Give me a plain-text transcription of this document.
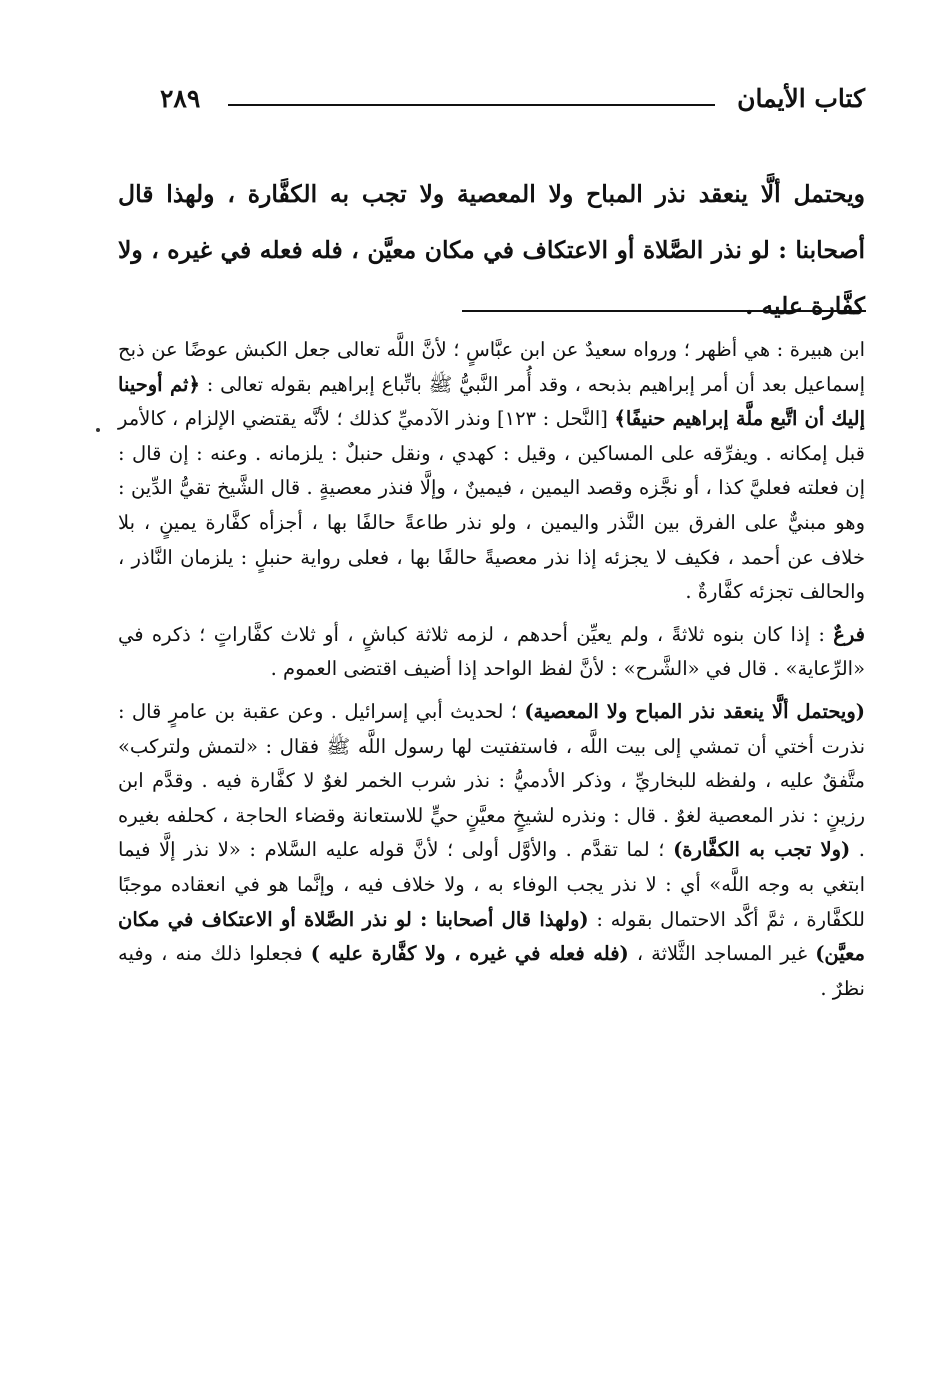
كتاب الأيمان
٢٨٩
ويحتمل ألَّا ينعقد نذر المباح ولا المعصية ولا تجب به الكفَّارة ، ولهذا قال أصحابنا : لو نذر الصَّلاة أو الاعتكاف في مكان معيَّن ، فله فعله في غيره ، ولا كفَّارة عليه .

ابن هبيرة : هي أظهر ؛ ورواه سعيدٌ عن ابن عبَّاسٍ ؛ لأنَّ اللَّه تعالى جعل الكبش عوضًا عن ذبح إسماعيل بعد أن أمر إبراهيم بذبحه ، وقد أُمر النَّبيُّ ﷺ باتِّباع إبراهيم بقوله تعالى : ﴿ثم أوحينا إليك أن اتَّبع ملَّة إبراهيم حنيفًا﴾ [النَّحل : ١٢٣] ونذر الآدميِّ كذلك ؛ لأنَّه يقتضي الإلزام ، كالأمر قبل إمكانه . ويفرِّقه على المساكين ، وقيل : كهدي ، ونقل حنبلٌ : يلزمانه . وعنه : إن قال : إن فعلته فعليَّ كذا ، أو نجَّزه وقصد اليمين ، فيمينٌ ، وإلَّا فنذر معصيةٍ . قال الشَّيخ تقيُّ الدِّين : وهو مبنيٌّ على الفرق بين النَّذر واليمين ، ولو نذر طاعةً حالفًا بها ، أجزأه كفَّارة يمينٍ ، بلا خلاف عن أحمد ، فكيف لا يجزئه إذا نذر معصيةً حالفًا بها ، فعلى رواية حنبلٍ : يلزمان النَّاذر ، والحالف تجزئه كفَّارةٌ .

فرعٌ : إذا كان بنوه ثلاثةً ، ولم يعيِّن أحدهم ، لزمه ثلاثة كباشٍ ، أو ثلاث كفَّاراتٍ ؛ ذكره في «الرِّعاية» . قال في «الشَّرح» : لأنَّ لفظ الواحد إذا أضيف اقتضى العموم .

(ويحتمل ألَّا ينعقد نذر المباح ولا المعصية) ؛ لحديث أبي إسرائيل . وعن عقبة بن عامرٍ قال : نذرت أختي أن تمشي إلى بيت اللَّه ، فاستفتيت لها رسول اللَّه ﷺ فقال : «لتمش ولتركب» متَّفقٌ عليه ، ولفظه للبخاريِّ ، وذكر الأدميُّ : نذر شرب الخمر لغوٌ لا كفَّارة فيه . وقدَّم ابن رزينٍ : نذر المعصية لغوٌ . قال : ونذره لشيخٍ معيَّنٍ حيٍّ للاستعانة وقضاء الحاجة ، كحلفه بغيره . (ولا تجب به الكفَّارة) ؛ لما تقدَّم . والأوَّل أولى ؛ لأنَّ قوله عليه السَّلام : «لا نذر إلَّا فيما ابتغي به وجه اللَّه» أي : لا نذر يجب الوفاء به ، ولا خلاف فيه ، وإنَّما هو في انعقاده موجبًا للكفَّارة ، ثمَّ أكَّد الاحتمال بقوله : (ولهذا قال أصحابنا : لو نذر الصَّلاة أو الاعتكاف في مكان معيَّن) غير المساجد الثَّلاثة ، (فله فعله في غيره ، ولا كفَّارة عليه ) فجعلوا ذلك منه ، وفيه نظرٌ .
